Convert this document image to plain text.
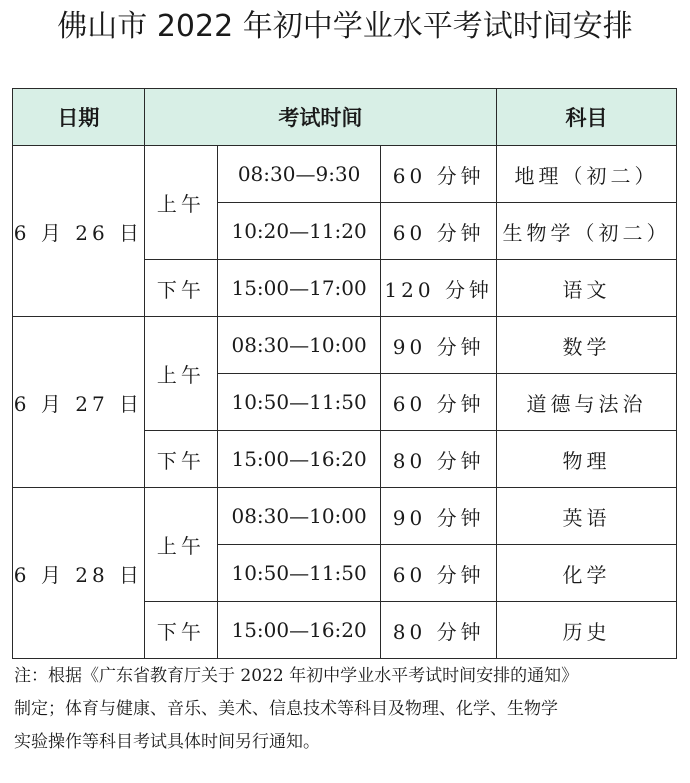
佛山市 2022 年初中学业水平考试时间安排
日期	考试时间			科目
6 月 26 日	上午	08:30—9:30	60 分钟	地理（初二）
		10:20—11:20	60 分钟	生物学（初二）
	下午	15:00—17:00	120 分钟	语文
6 月 27 日	上午	08:30—10:00	90 分钟	数学
		10:50—11:50	60 分钟	道德与法治
	下午	15:00—16:20	80 分钟	物理
6 月 28 日	上午	08:30—10:00	90 分钟	英语
		10:50—11:50	60 分钟	化学
	下午	15:00—16:20	80 分钟	历史
注：根据《广东省教育厅关于 2022 年初中学业水平考试时间安排的通知》
制定；体育与健康、音乐、美术、信息技术等科目及物理、化学、生物学
实验操作等科目考试具体时间另行通知。
